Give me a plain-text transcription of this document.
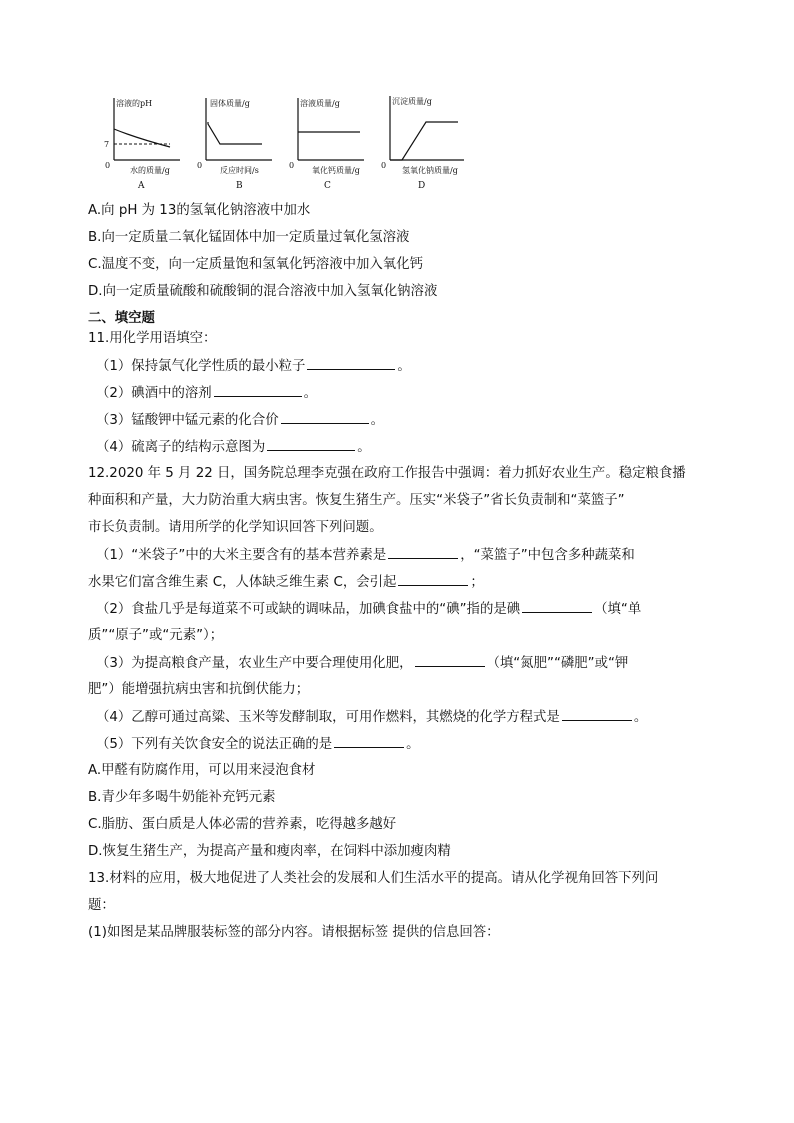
溶液的pH
7
0
水的质量/g
A
固体质量/g
0
反应时间/s
B
溶液质量/g
0
氧化钙质量/g
C
沉淀质量/g
0
氢氧化钠质量/g
D
A.向 pH 为 13的氢氧化钠溶液中加水
B.向一定质量二氧化锰固体中加一定质量过氧化氢溶液
C.温度不变，向一定质量饱和氢氧化钙溶液中加入氧化钙
D.向一定质量硫酸和硫酸铜的混合溶液中加入氢氧化钠溶液
二、填空题
11.用化学用语填空：
（1）保持氯气化学性质的最小粒子	。
（2）碘酒中的溶剂	。
（3）锰酸钾中锰元素的化合价	。
（4）硫离子的结构示意图为	。
12.2020 年 5 月 22 日，国务院总理李克强在政府工作报告中强调：着力抓好农业生产。稳定粮食播
种面积和产量，大力防治重大病虫害。恢复生猪生产。压实“米袋子”省长负责制和“菜篮子”
市长负责制。请用所学的化学知识回答下列问题。
（1）“米袋子”中的大米主要含有的基本营养素是	，“菜篮子”中包含多种蔬菜和
水果它们富含维生素 C，人体缺乏维生素 C，会引起	；
（2）食盐几乎是每道菜不可或缺的调味品，加碘食盐中的“碘”指的是碘	（填“单
质”“原子”或“元素”）；
（3）为提高粮食产量，农业生产中要合理使用化肥，	（填“氮肥”“磷肥”或“钾
肥”）能增强抗病虫害和抗倒伏能力；
（4）乙醇可通过高粱、玉米等发酵制取，可用作燃料，其燃烧的化学方程式是	。
（5）下列有关饮食安全的说法正确的是	。
A.甲醛有防腐作用，可以用来浸泡食材
B.青少年多喝牛奶能补充钙元素
C.脂肪、蛋白质是人体必需的营养素，吃得越多越好
D.恢复生猪生产，为提高产量和瘦肉率，在饲料中添加瘦肉精
13.材料的应用，极大地促进了人类社会的发展和人们生活水平的提高。请从化学视角回答下列问
题：
(1)如图是某品牌服装标签的部分内容。请根据标签 提供的信息回答：
